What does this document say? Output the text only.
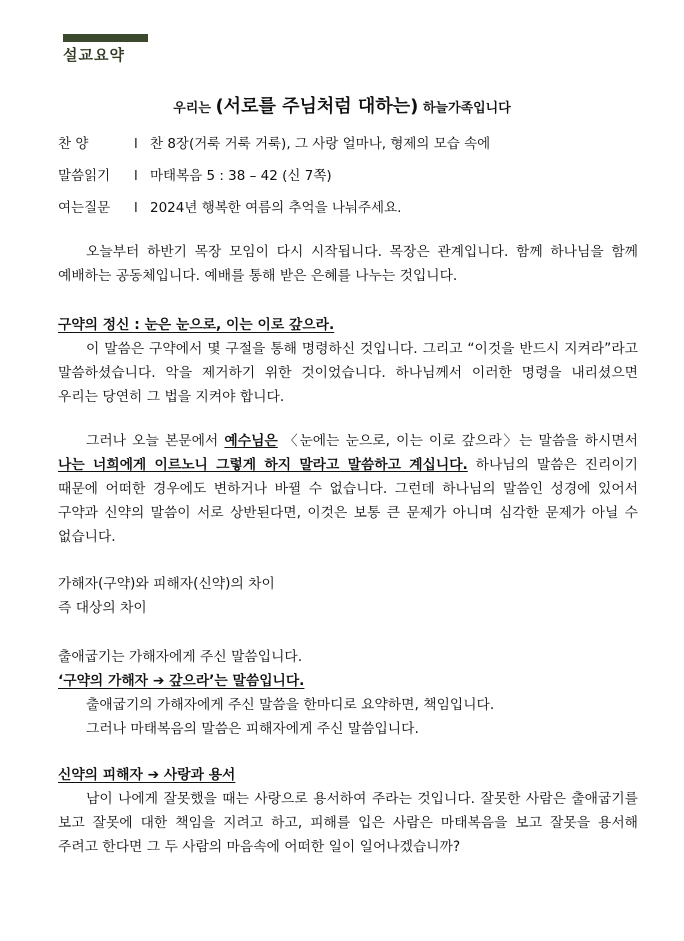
설교요약
우리는 (서로를 주님처럼 대하는) 하늘가족입니다
찬 양	l 찬 8장(거룩 거룩 거룩), 그 사랑 얼마나, 형제의 모습 속에
말씀읽기 l 마태복음 5 : 38 – 42 (신 7쪽)
여는질문 l 2024년 행복한 여름의 추억을 나눠주세요.

오늘부터 하반기 목장 모임이 다시 시작됩니다. 목장은 관계입니다. 함께 하나님을 함께 예배하는 공동체입니다. 예배를 통해 받은 은혜를 나누는 것입니다.

구약의 정신 : 눈은 눈으로, 이는 이로 갚으라.

이 말씀은 구약에서 몇 구절을 통해 명령하신 것입니다. 그리고 “이것을 반드시 지켜라”라고 말씀하셨습니다. 악을 제거하기 위한 것이었습니다. 하나님께서 이러한 명령을 내리셨으면 우리는 당연히 그 법을 지켜야 합니다.

그러나 오늘 본문에서 예수님은 〈눈에는 눈으로, 이는 이로 갚으라〉는 말씀을 하시면서 나는 너희에게 이르노니 그렇게 하지 말라고 말씀하고 계십니다. 하나님의 말씀은 진리이기 때문에 어떠한 경우에도 변하거나 바뀔 수 없습니다. 그런데 하나님의 말씀인 성경에 있어서 구약과 신약의 말씀이 서로 상반된다면, 이것은 보통 큰 문제가 아니며 심각한 문제가 아닐 수 없습니다.

가해자(구약)와 피해자(신약)의 차이

즉 대상의 차이

출애굽기는 가해자에게 주신 말씀입니다.

‘구약의 가해자 ➔ 갚으라’는 말씀입니다.

출애굽기의 가해자에게 주신 말씀을 한마디로 요약하면, 책임입니다.

그러나 마태복음의 말씀은 피해자에게 주신 말씀입니다.

신약의 피해자 ➔ 사랑과 용서

남이 나에게 잘못했을 때는 사랑으로 용서하여 주라는 것입니다. 잘못한 사람은 출애굽기를 보고 잘못에 대한 책임을 지려고 하고, 피해를 입은 사람은 마태복음을 보고 잘못을 용서해 주려고 한다면 그 두 사람의 마음속에 어떠한 일이 일어나겠습니까?
